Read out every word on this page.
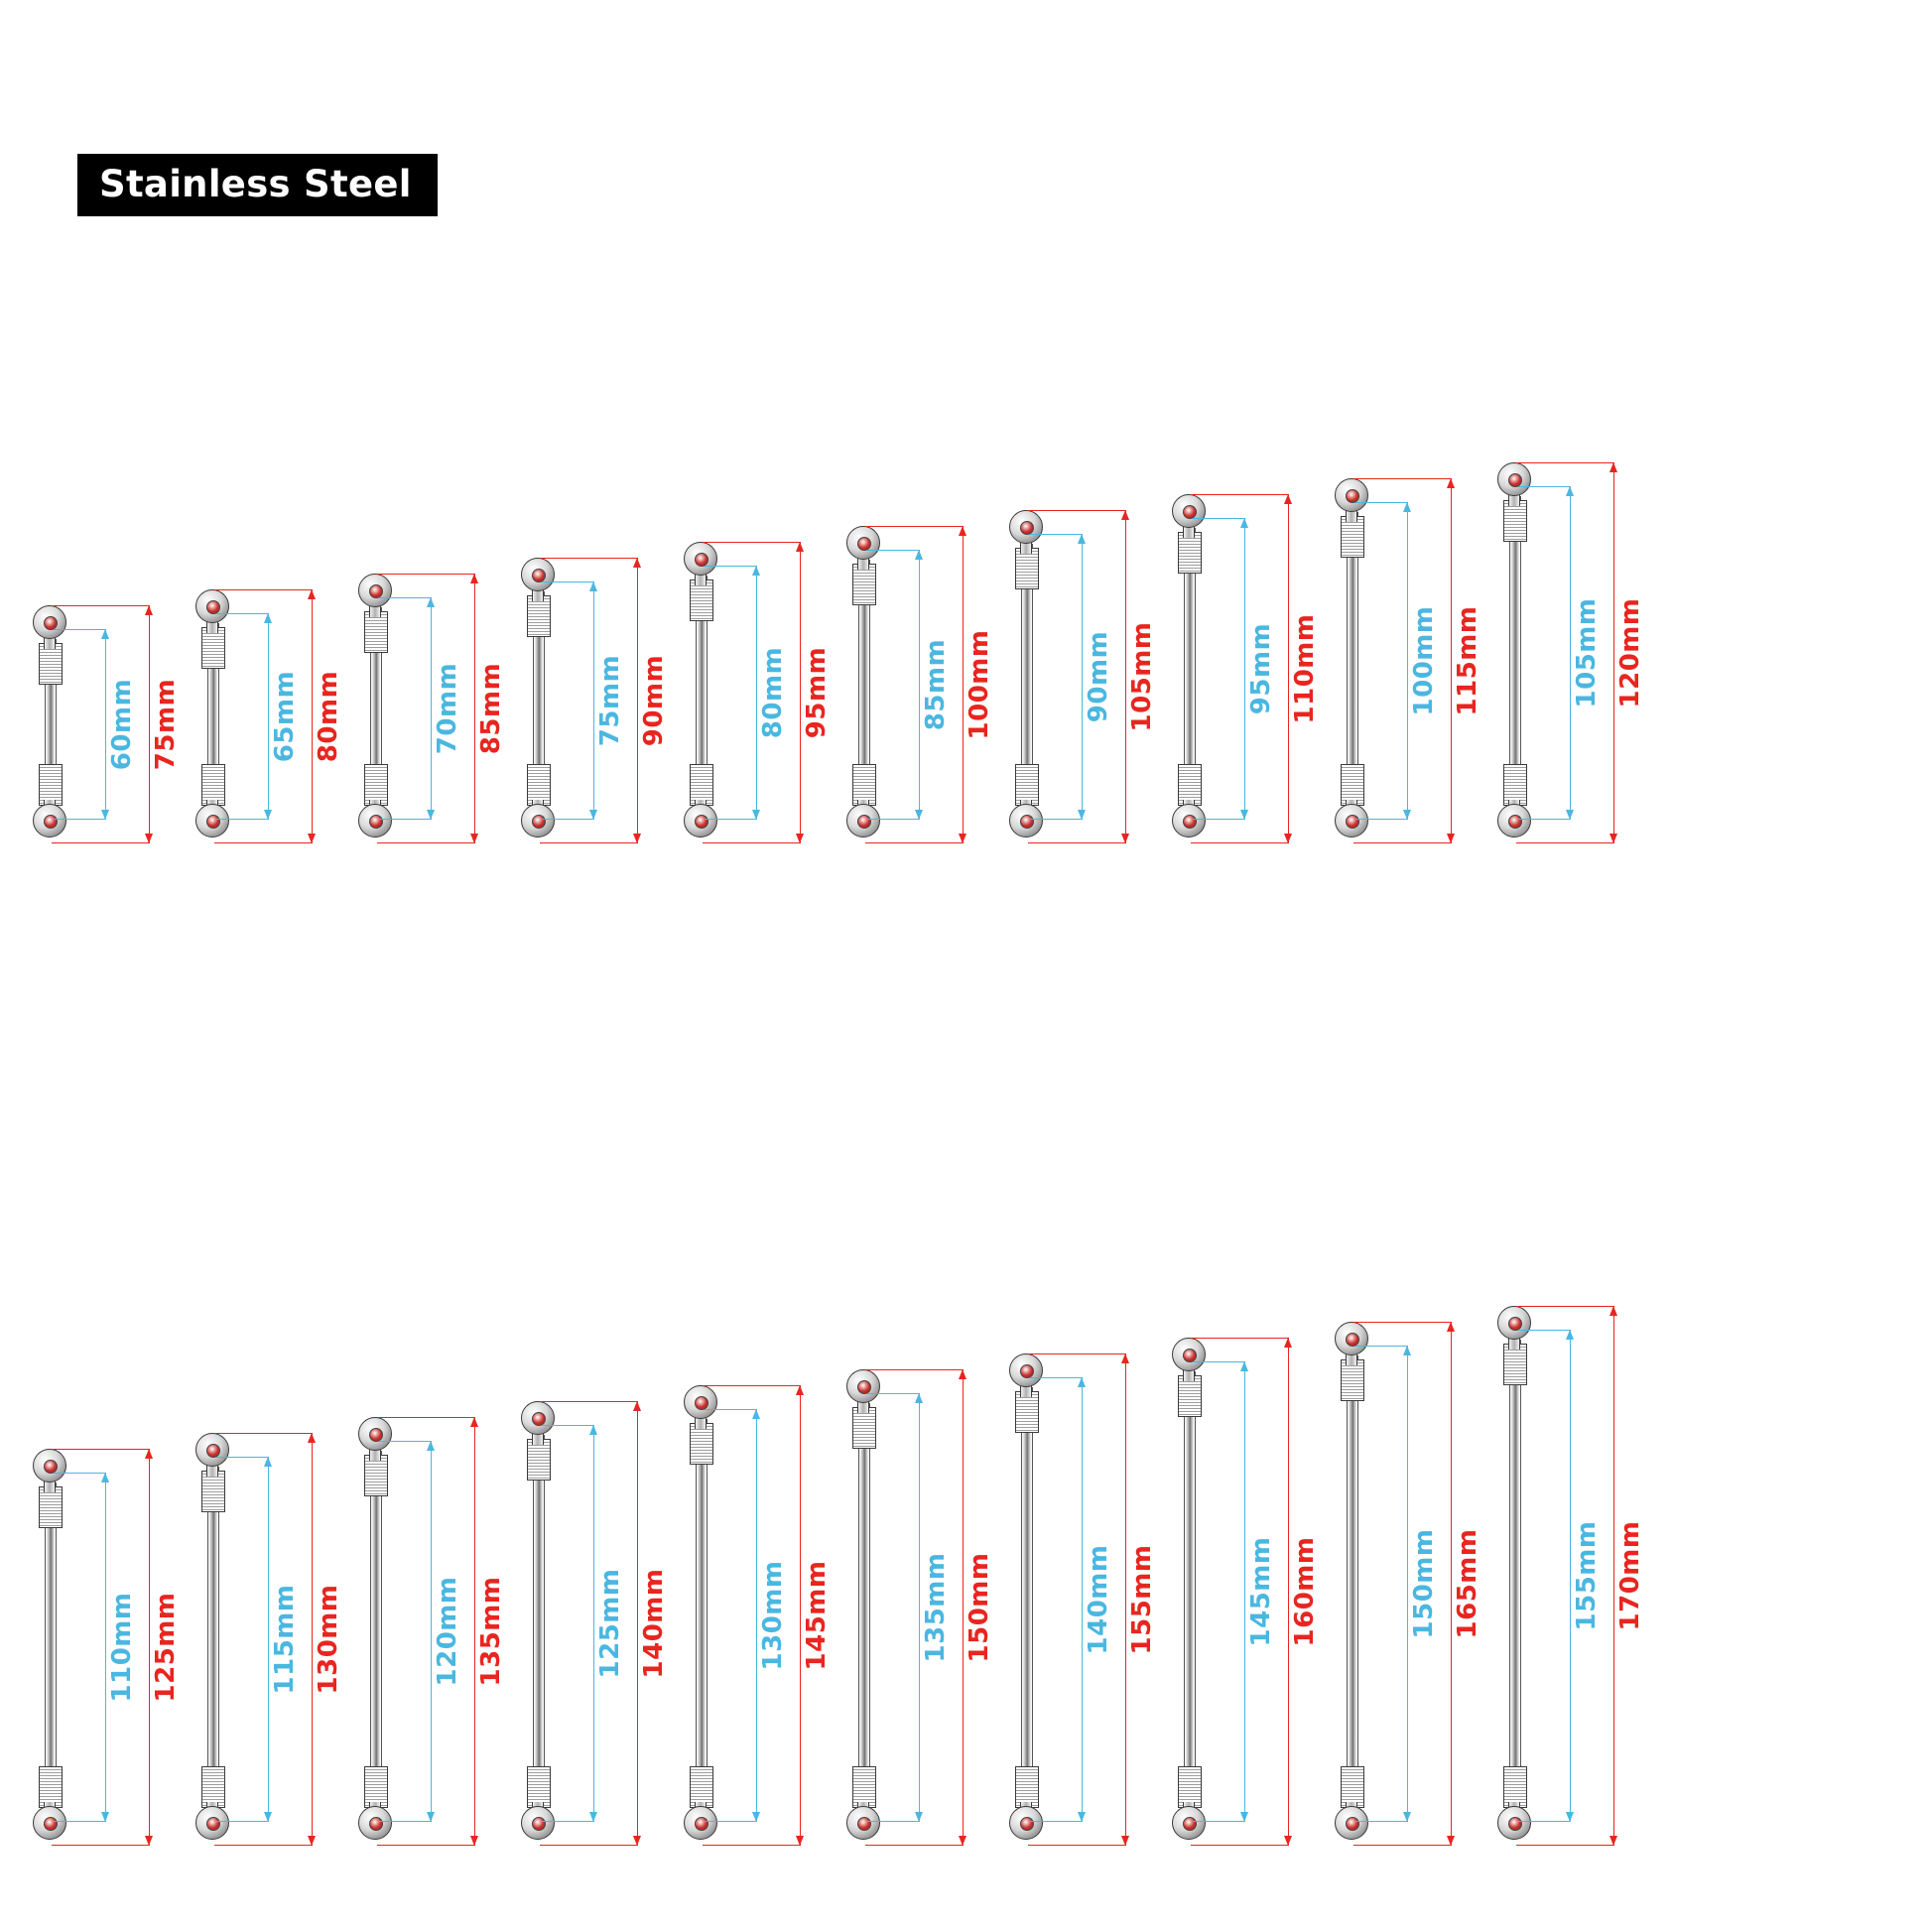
Stainless Steel
60mm 75mm	65mm 80mm	70mm 85mm	75mm 90mm	80mm 95mm	85mm 100mm	90mm 105mm	95mm 110mm	100mm 115mm	105mm 120mm
110mm 125mm	115mm 130mm	120mm 135mm	125mm 140mm	130mm 145mm	135mm 150mm	140mm 155mm	145mm 160mm	150mm 165mm	155mm 170mm
